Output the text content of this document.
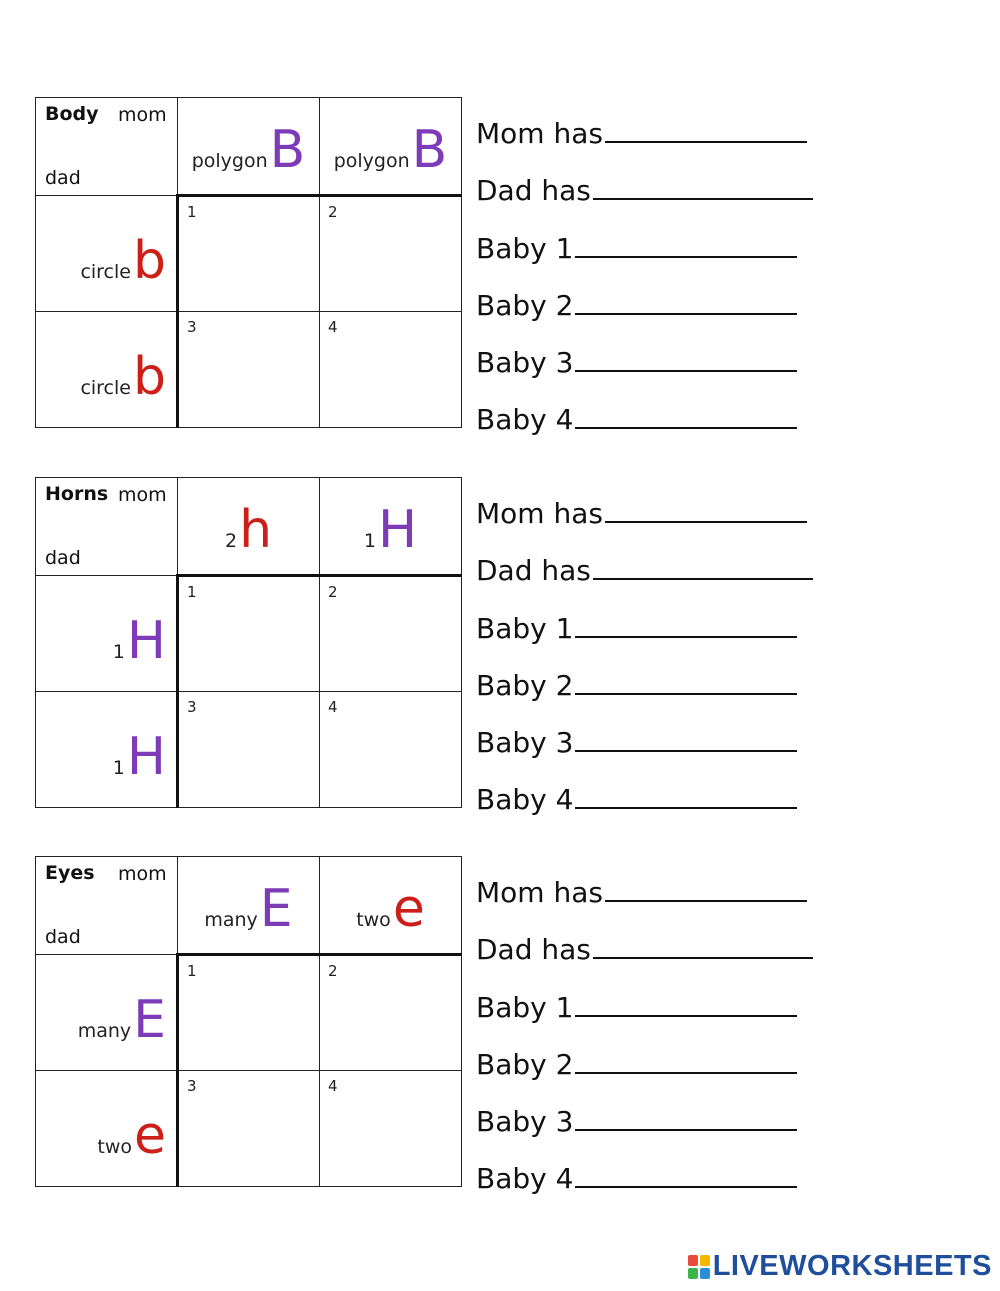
Body mom
dad	polygon B	polygon B

circle b	1	2

circle b	3	4
Mom has
Dad has
Baby 1
Baby 2
Baby 3
Baby 4
Horns mom
dad	2 h	1 H

1 H	1	2

1 H	3	4
Mom has
Dad has
Baby 1
Baby 2
Baby 3
Baby 4
Eyes mom
dad	many E	two e

many E	1	2

two e	3	4
Mom has
Dad has
Baby 1
Baby 2
Baby 3
Baby 4
LIVEWORKSHEETS
